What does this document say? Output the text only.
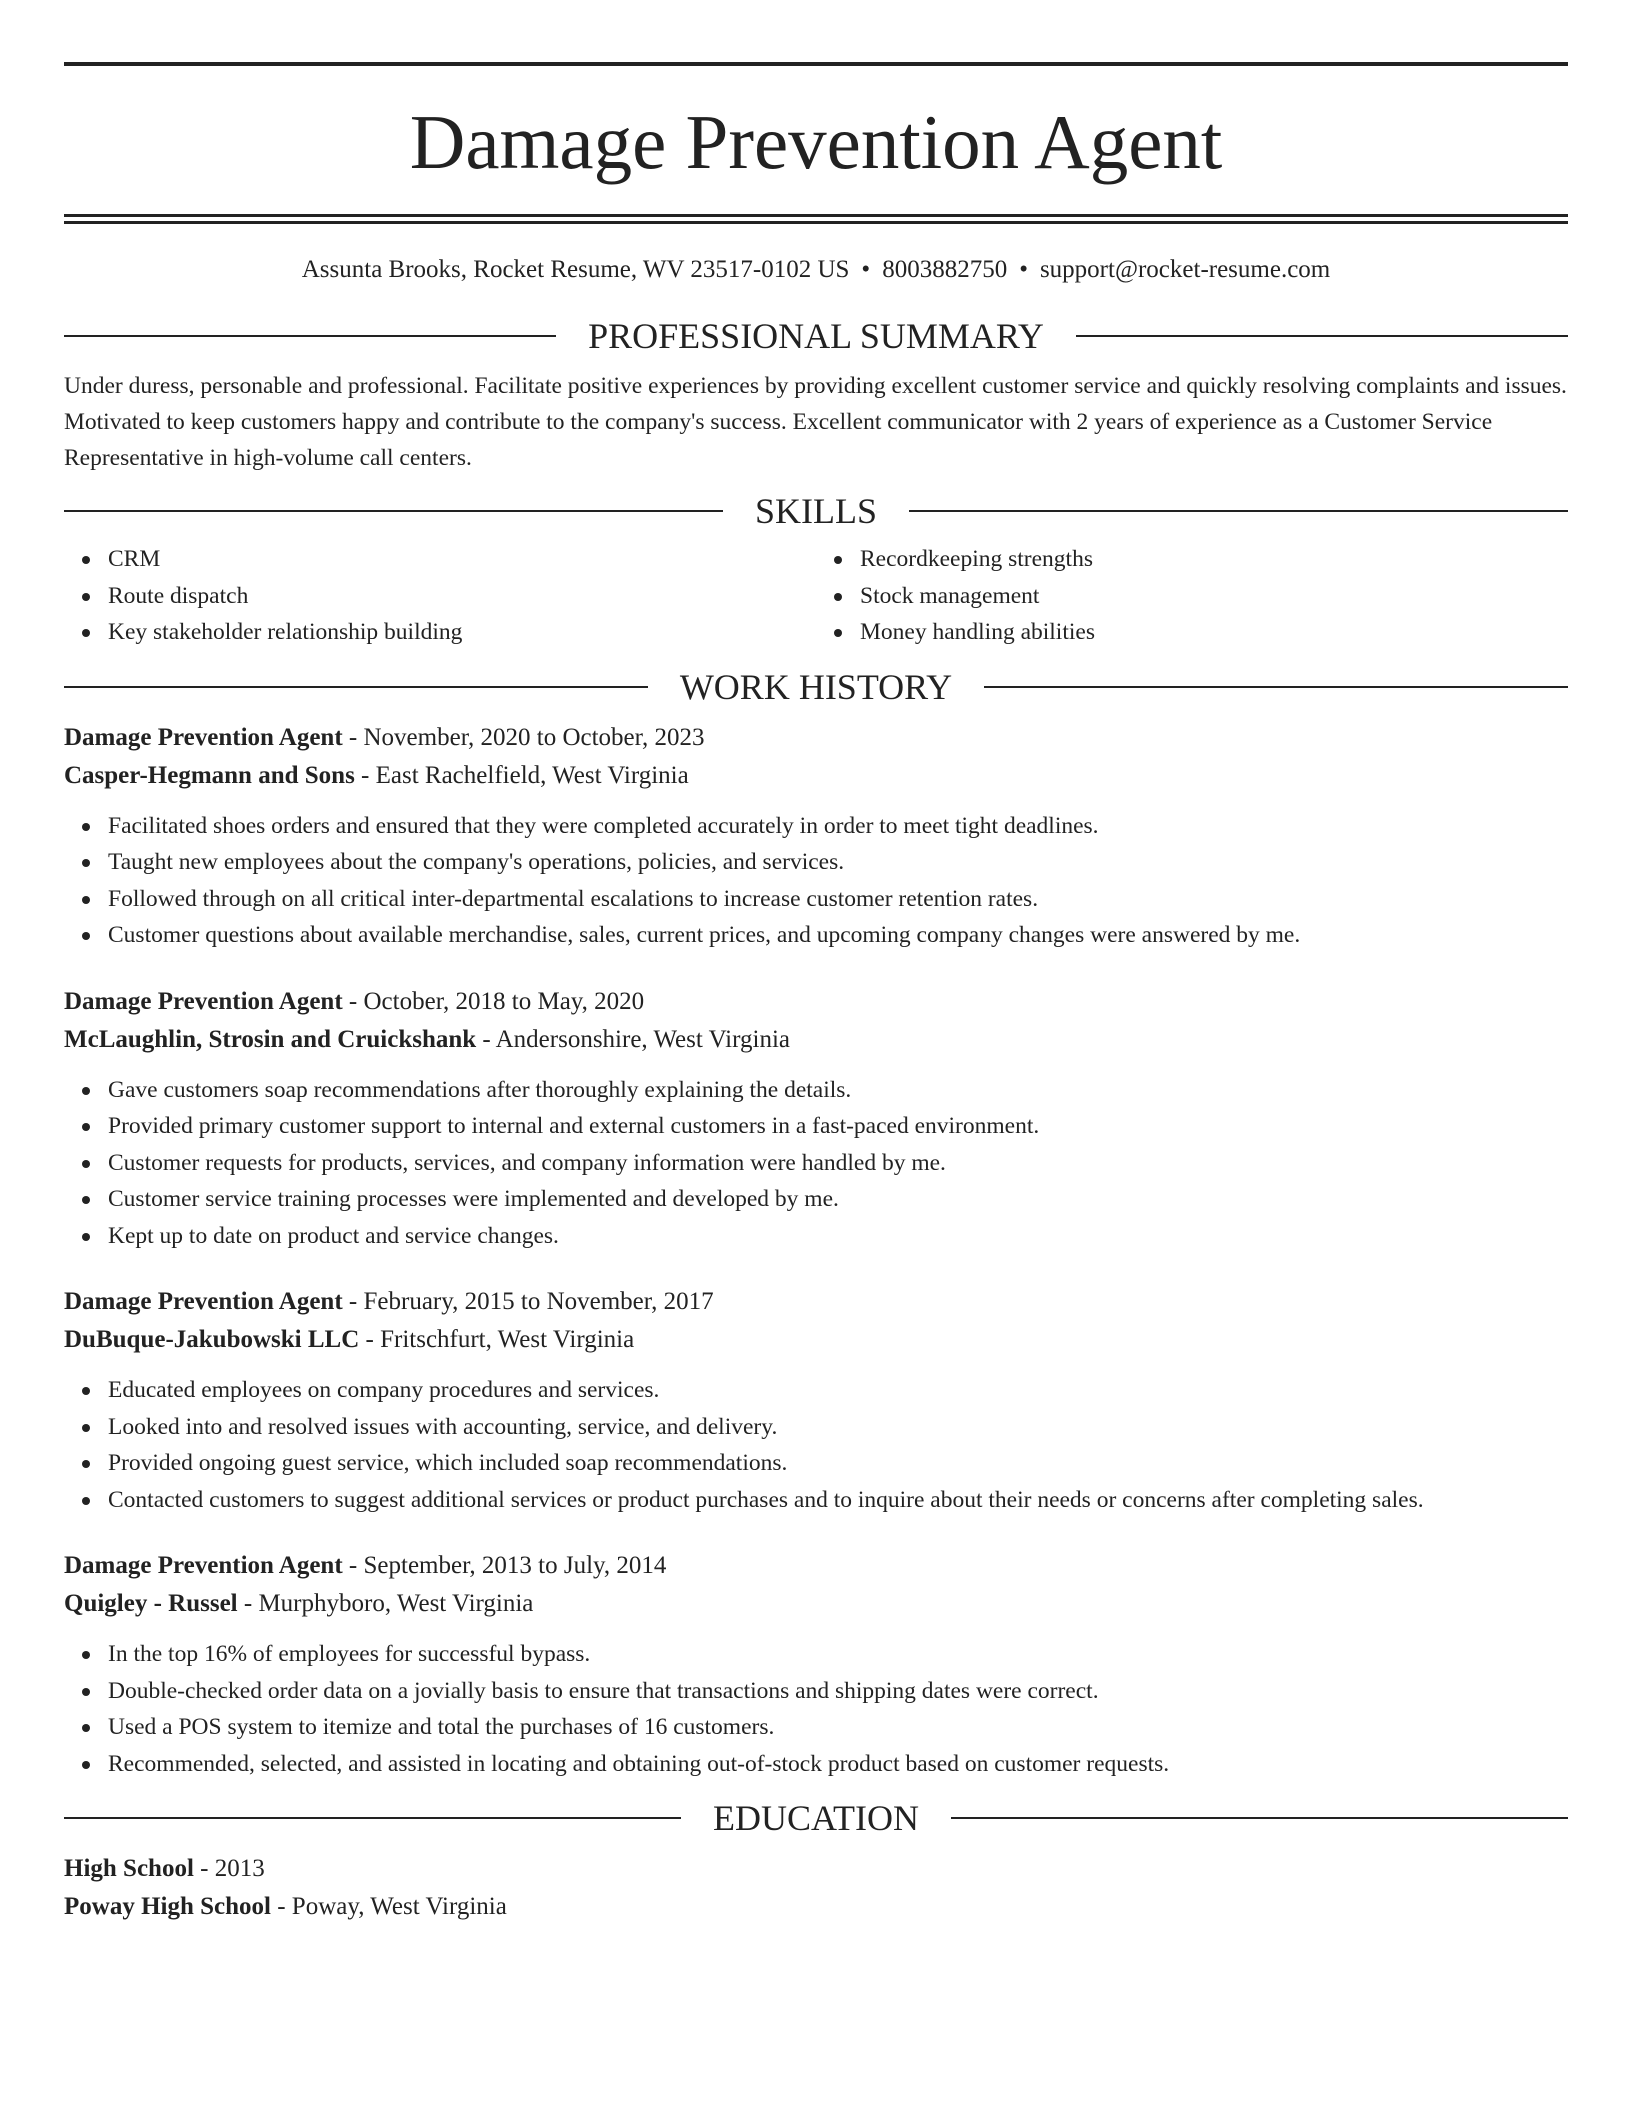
Damage Prevention Agent
Assunta Brooks, Rocket Resume, WV 23517-0102 US • 8003882750 • support@rocket-resume.com
PROFESSIONAL SUMMARY

Under duress, personable and professional. Facilitate positive experiences by providing excellent customer service and quickly resolving complaints and issues. Motivated to keep customers happy and contribute to the company's success. Excellent communicator with 2 years of experience as a Customer Service Representative in high-volume call centers.

SKILLS
CRM
Route dispatch
Key stakeholder relationship building
Recordkeeping strengths
Stock management
Money handling abilities
WORK HISTORY
Damage Prevention Agent - November, 2020 to October, 2023
Casper-Hegmann and Sons - East Rachelfield, West Virginia
Facilitated shoes orders and ensured that they were completed accurately in order to meet tight deadlines.
Taught new employees about the company's operations, policies, and services.
Followed through on all critical inter-departmental escalations to increase customer retention rates.
Customer questions about available merchandise, sales, current prices, and upcoming company changes were answered by me.
Damage Prevention Agent - October, 2018 to May, 2020
McLaughlin, Strosin and Cruickshank - Andersonshire, West Virginia
Gave customers soap recommendations after thoroughly explaining the details.
Provided primary customer support to internal and external customers in a fast-paced environment.
Customer requests for products, services, and company information were handled by me.
Customer service training processes were implemented and developed by me.
Kept up to date on product and service changes.
Damage Prevention Agent - February, 2015 to November, 2017
DuBuque-Jakubowski LLC - Fritschfurt, West Virginia
Educated employees on company procedures and services.
Looked into and resolved issues with accounting, service, and delivery.
Provided ongoing guest service, which included soap recommendations.
Contacted customers to suggest additional services or product purchases and to inquire about their needs or concerns after completing sales.
Damage Prevention Agent - September, 2013 to July, 2014
Quigley - Russel - Murphyboro, West Virginia
In the top 16% of employees for successful bypass.
Double-checked order data on a jovially basis to ensure that transactions and shipping dates were correct.
Used a POS system to itemize and total the purchases of 16 customers.
Recommended, selected, and assisted in locating and obtaining out-of-stock product based on customer requests.
EDUCATION
High School - 2013
Poway High School - Poway, West Virginia
